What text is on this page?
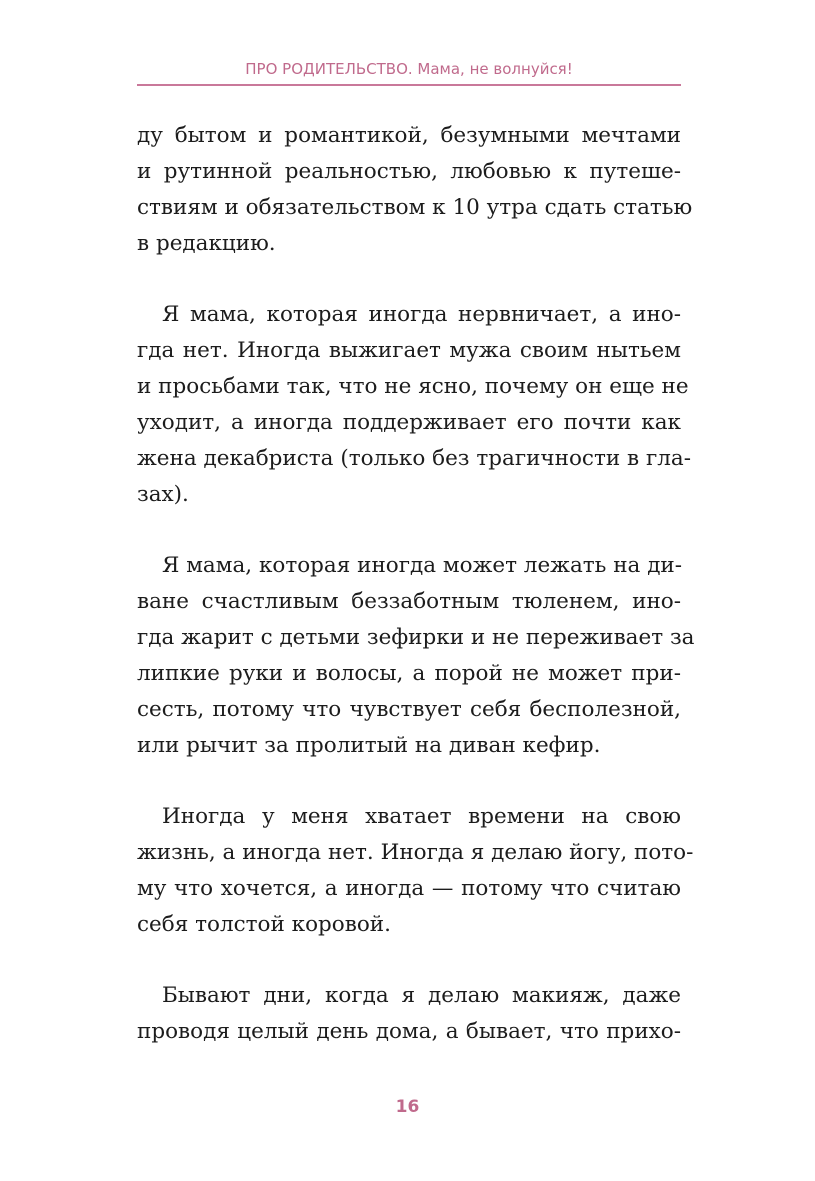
ПРО РОДИТЕЛЬСТВО. Мама, не волнуйся!
ду бытом и романтикой, безумными мечтами
и рутинной реальностью, любовью к путеше-
ствиям и обязательством к 10 утра сдать статью
в редакцию.
Я мама, которая иногда нервничает, а ино-
гда нет. Иногда выжигает мужа своим нытьем
и просьбами так, что не ясно, почему он еще не
уходит, а иногда поддерживает его почти как
жена декабриста (только без трагичности в гла-
зах).
Я мама, которая иногда может лежать на ди-
ване счастливым беззаботным тюленем, ино-
гда жарит с детьми зефирки и не переживает за
липкие руки и волосы, а порой не может при-
сесть, потому что чувствует себя бесполезной,
или рычит за пролитый на диван кефир.
Иногда у меня хватает времени на свою
жизнь, а иногда нет. Иногда я делаю йогу, пото-
му что хочется, а иногда — потому что считаю
себя толстой коровой.
Бывают дни, когда я делаю макияж, даже
проводя целый день дома, а бывает, что прихо-
16
